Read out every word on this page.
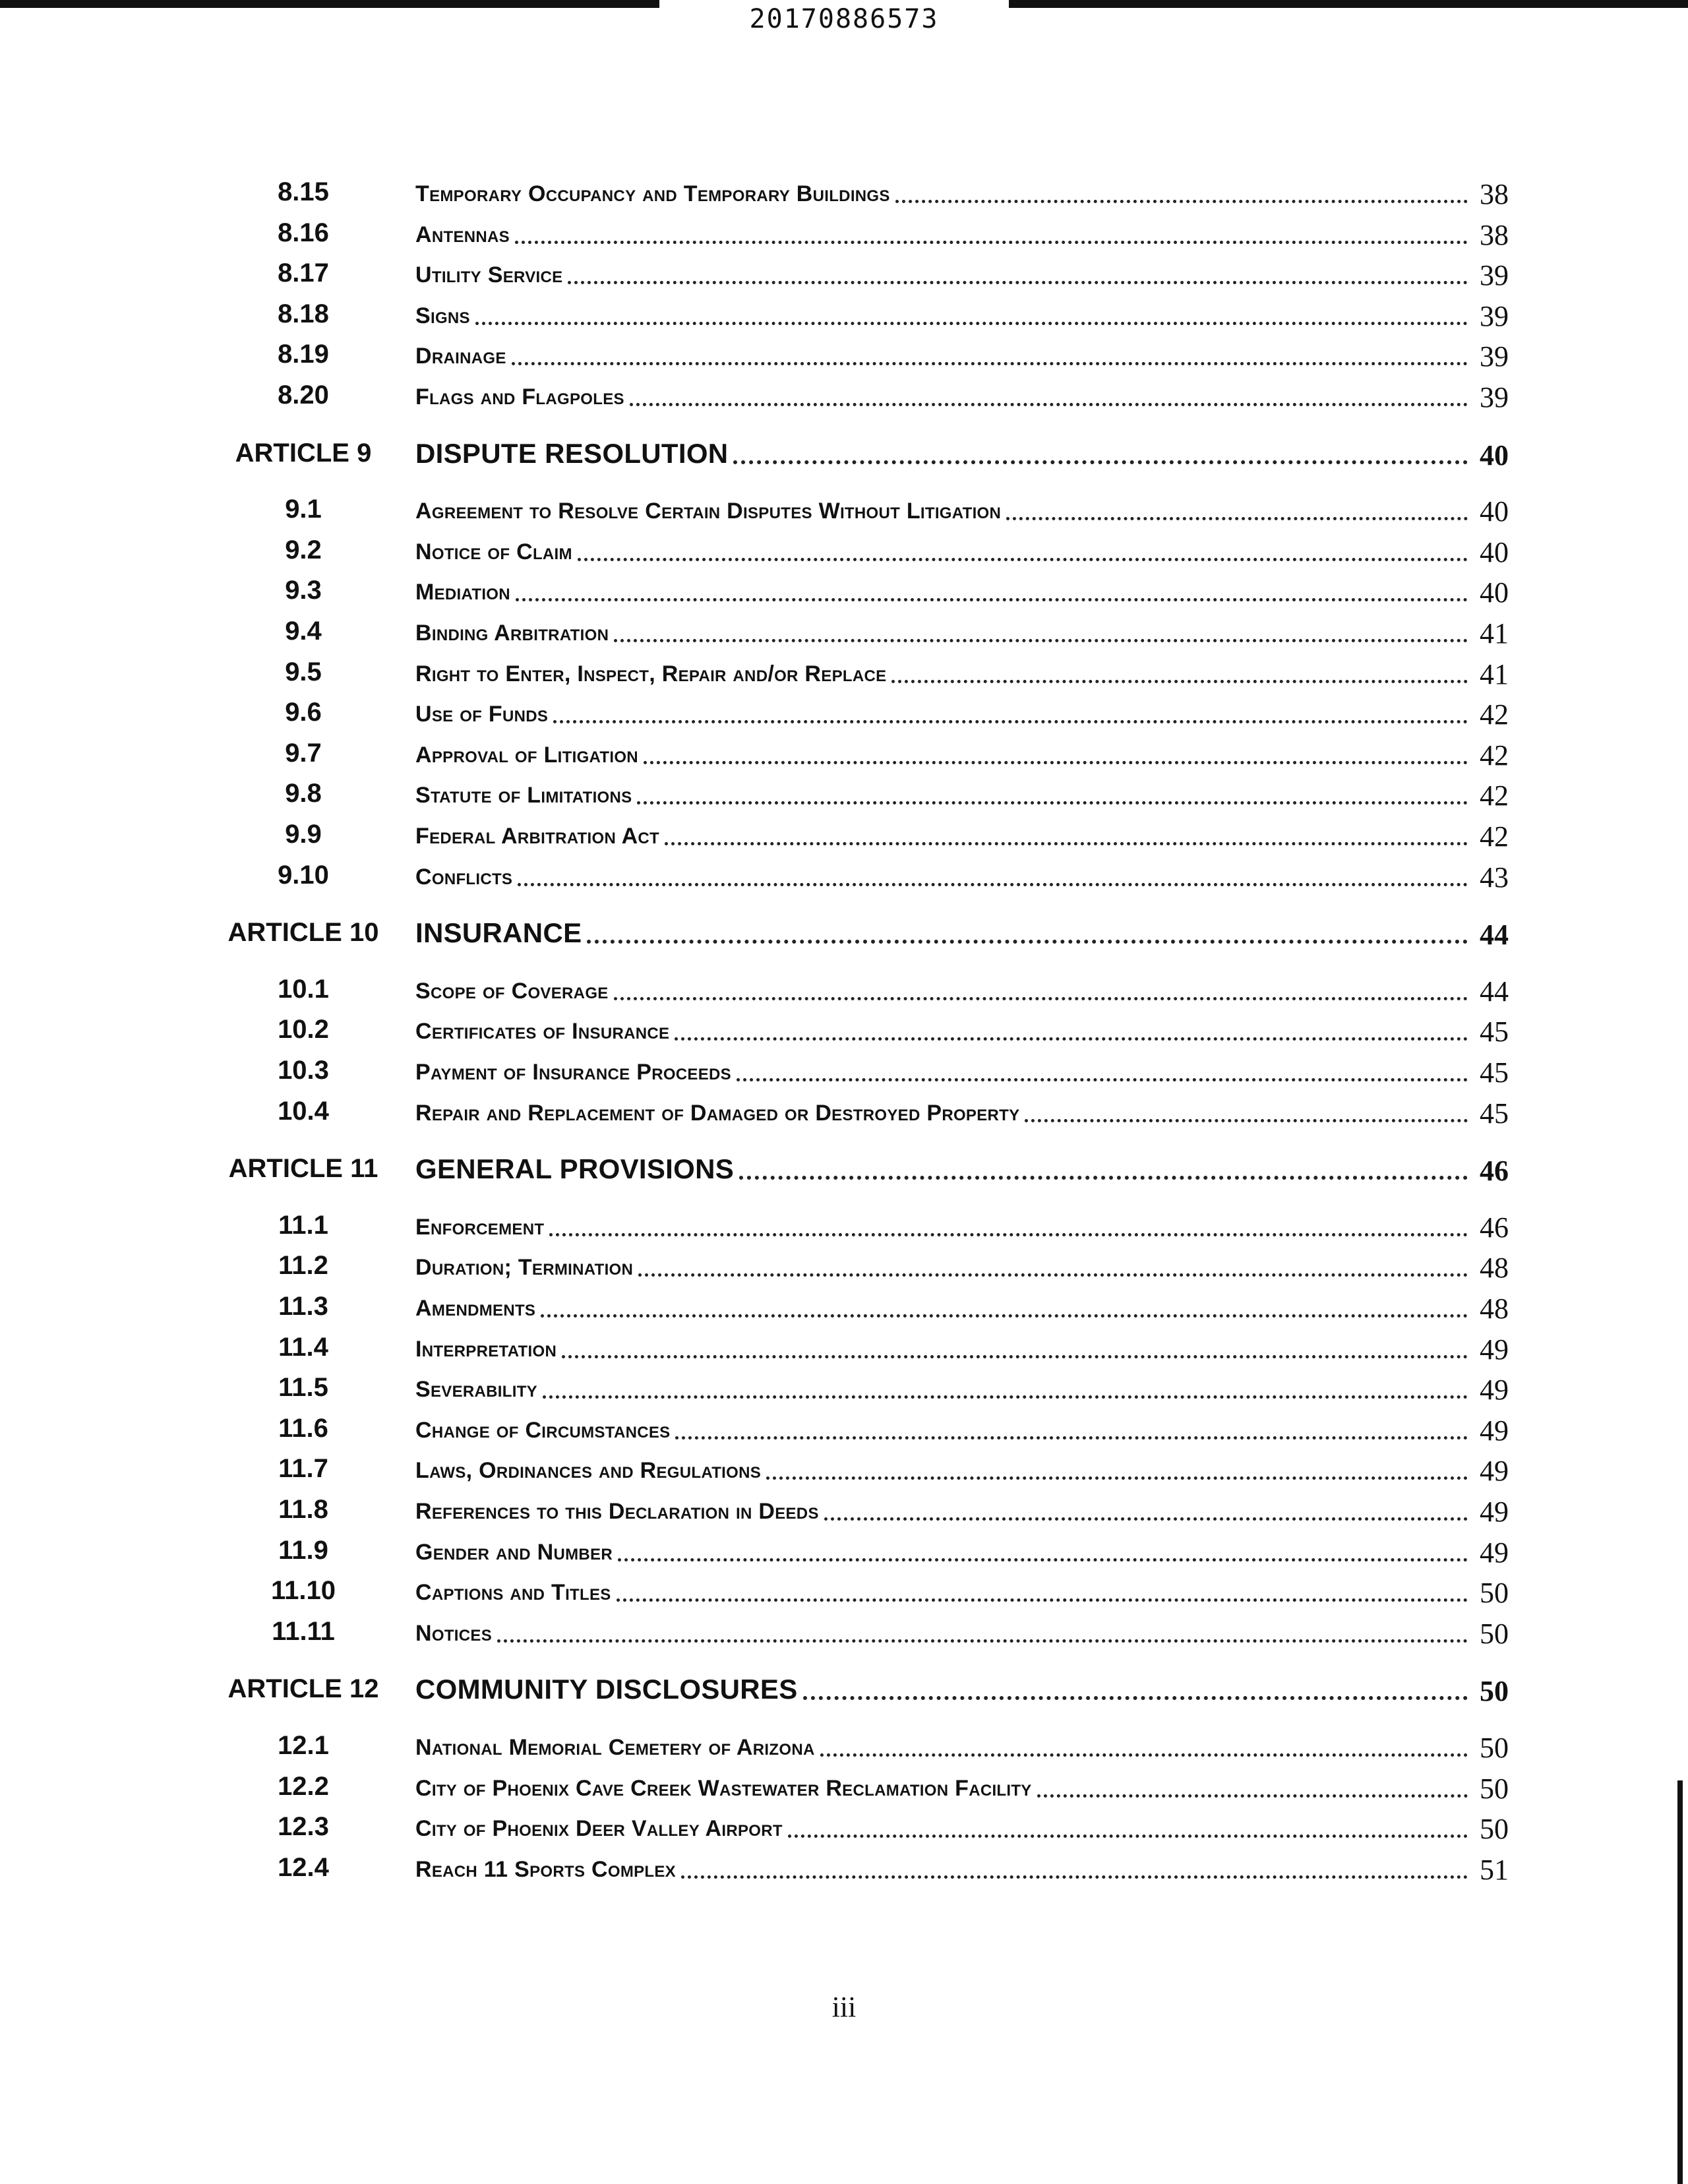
20170886573
8.15	Temporary Occupancy and Temporary Buildings	38
8.16	Antennas	38
8.17	Utility Service	39
8.18	Signs	39
8.19	Drainage	39
8.20	Flags and Flagpoles	39
ARTICLE 9	DISPUTE RESOLUTION	40
9.1	Agreement to Resolve Certain Disputes Without Litigation	40
9.2	Notice of Claim	40
9.3	Mediation	40
9.4	Binding Arbitration	41
9.5	Right to Enter, Inspect, Repair and/or Replace	41
9.6	Use of Funds	42
9.7	Approval of Litigation	42
9.8	Statute of Limitations	42
9.9	Federal Arbitration Act	42
9.10	Conflicts	43
ARTICLE 10	INSURANCE	44
10.1	Scope of Coverage	44
10.2	Certificates of Insurance	45
10.3	Payment of Insurance Proceeds	45
10.4	Repair and Replacement of Damaged or Destroyed Property	45
ARTICLE 11	GENERAL PROVISIONS	46
11.1	Enforcement	46
11.2	Duration; Termination	48
11.3	Amendments	48
11.4	Interpretation	49
11.5	Severability	49
11.6	Change of Circumstances	49
11.7	Laws, Ordinances and Regulations	49
11.8	References to this Declaration in Deeds	49
11.9	Gender and Number	49
11.10	Captions and Titles	50
11.11	Notices	50
ARTICLE 12	COMMUNITY DISCLOSURES	50
12.1	National Memorial Cemetery of Arizona	50
12.2	City of Phoenix Cave Creek Wastewater Reclamation Facility	50
12.3	City of Phoenix Deer Valley Airport	50
12.4	Reach 11 Sports Complex	51
iii
